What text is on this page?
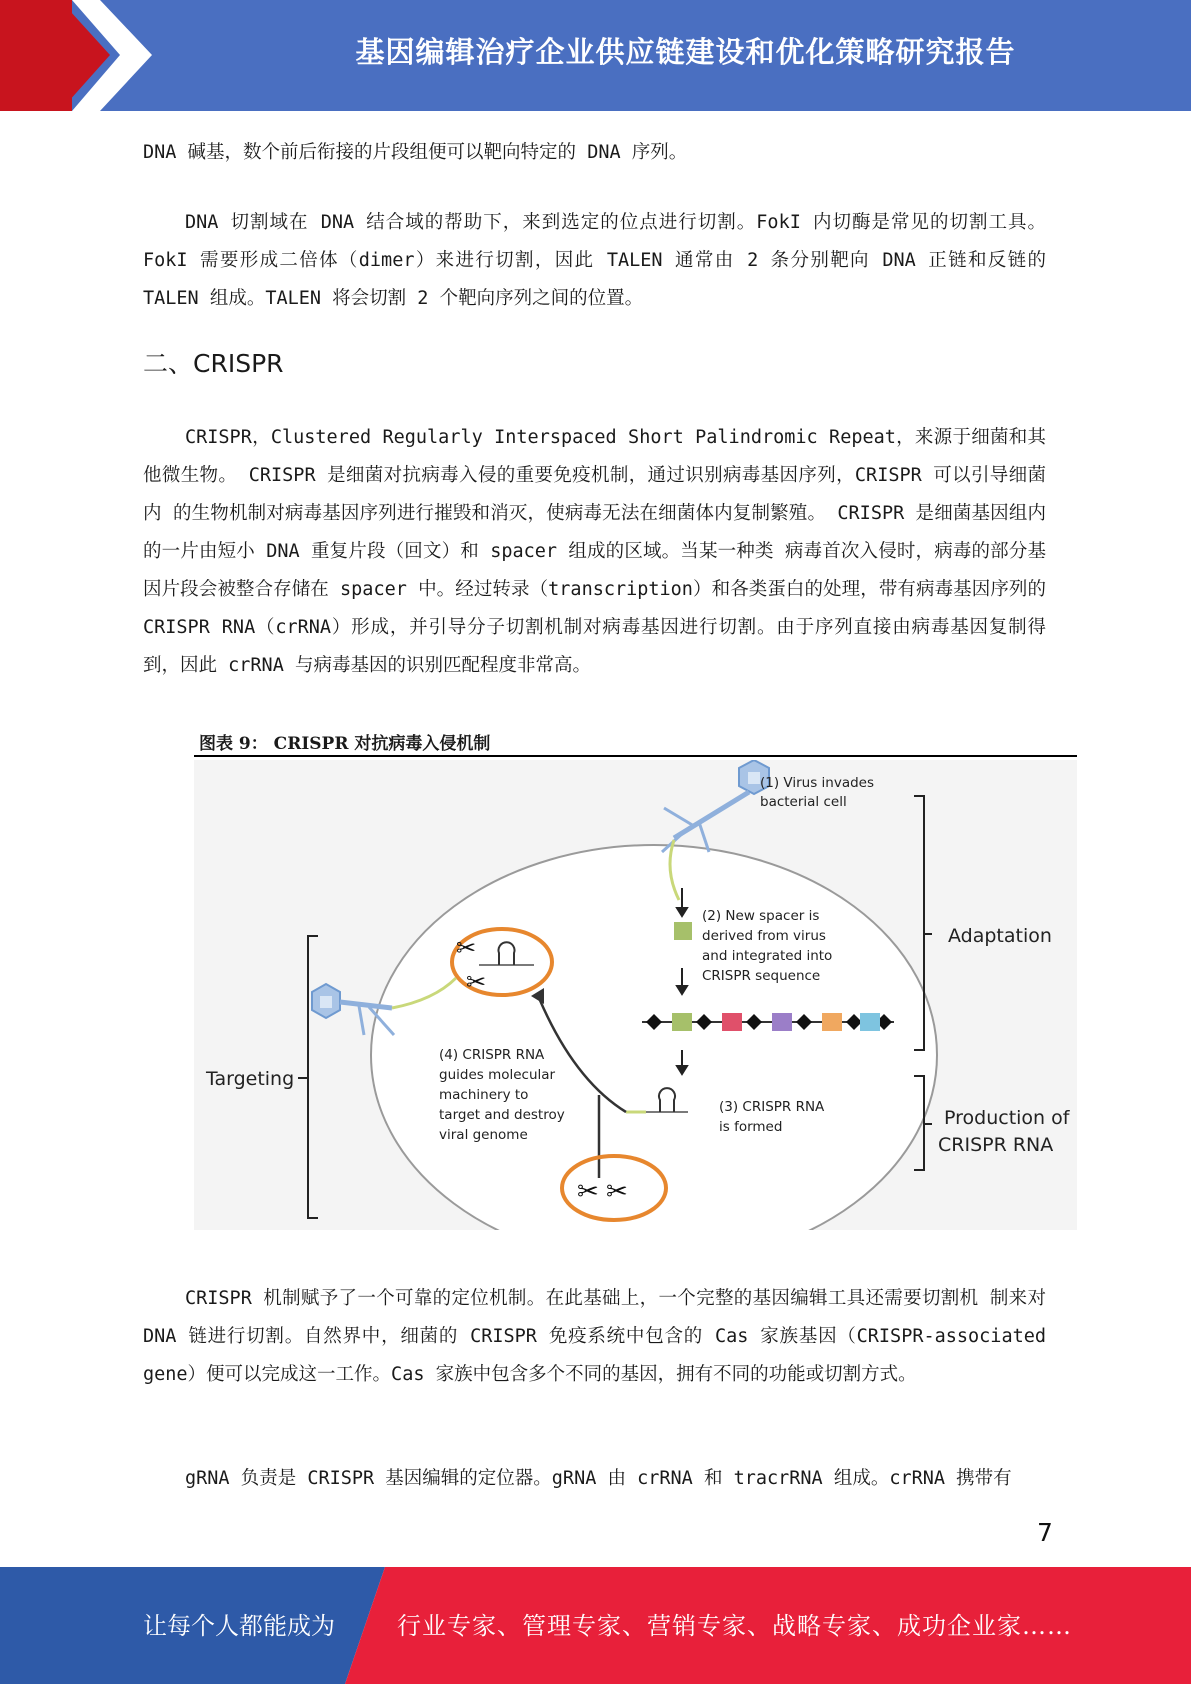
基因编辑治疗企业供应链建设和优化策略研究报告

DNA 碱基，数个前后衔接的片段组便可以靶向特定的 DNA 序列。

DNA 切割域在 DNA 结合域的帮助下，来到选定的位点进行切割。FokI 内切酶是常见的切割工具。 FokI 需要形成二倍体（dimer）来进行切割，因此 TALEN 通常由 2 条分别靶向 DNA 正链和反链的 TALEN 组成。TALEN 将会切割 2 个靶向序列之间的位置。

二、CRISPR

CRISPR，Clustered Regularly Interspaced Short Palindromic Repeat，来源于细菌和其他微生物。 CRISPR 是细菌对抗病毒入侵的重要免疫机制，通过识别病毒基因序列，CRISPR 可以引导细菌内 的生物机制对病毒基因序列进行摧毁和消灭，使病毒无法在细菌体内复制繁殖。 CRISPR 是细菌基因组内的一片由短小 DNA 重复片段（回文）和 spacer 组成的区域。当某一种类 病毒首次入侵时，病毒的部分基因片段会被整合存储在 spacer 中。经过转录（transcription）和各类蛋白的处理，带有病毒基因序列的 CRISPR RNA（crRNA）形成，并引导分子切割机制对病毒基因进行切割。由于序列直接由病毒基因复制得到，因此 crRNA 与病毒基因的识别匹配程度非常高。

图表 9： CRISPR 对抗病毒入侵机制
✂
✂
✂ ✂
(1) Virus invades
bacterial cell
(2) New spacer is
derived from virus
and integrated into
CRISPR sequence
(3) CRISPR RNA
is formed
(4) CRISPR RNA
guides molecular
machinery to
target and destroy
viral genome
Adaptation
Production of
CRISPR RNA
Targeting

CRISPR 机制赋予了一个可靠的定位机制。在此基础上，一个完整的基因编辑工具还需要切割机 制来对 DNA 链进行切割。自然界中，细菌的 CRISPR 免疫系统中包含的 Cas 家族基因（CRISPR-associated gene）便可以完成这一工作。Cas 家族中包含多个不同的基因，拥有不同的功能或切割方式。

gRNA 负责是 CRISPR 基因编辑的定位器。gRNA 由 crRNA 和 tracrRNA 组成。crRNA 携带有

7
让每个人都能成为	行业专家、管理专家、营销专家、战略专家、成功企业家……
